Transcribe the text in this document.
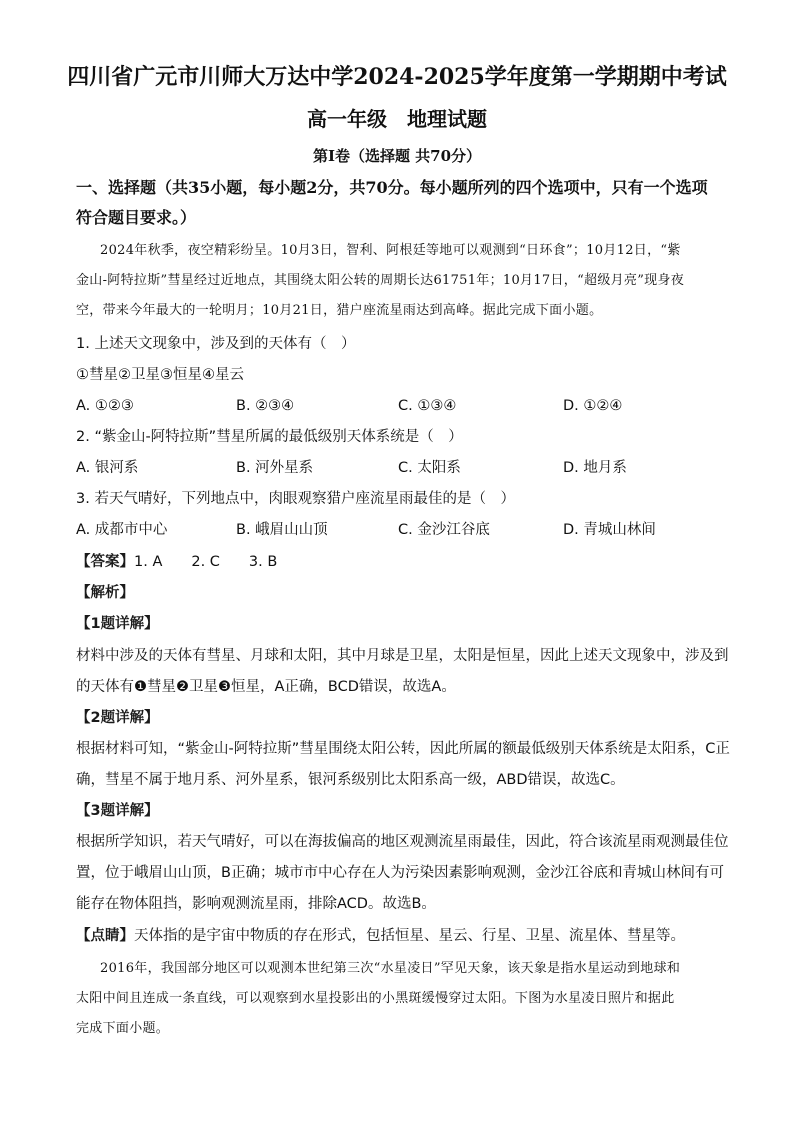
四川省广元市川师大万达中学2024-2025学年度第一学期期中考试
高一年级　地理试题
第Ⅰ卷（选择题 共70分）
一、选择题（共35小题，每小题2分，共70分。每小题所列的四个选项中，只有一个选项
符合题目要求。）
2024年秋季，夜空精彩纷呈。10月3日，智利、阿根廷等地可以观测到“日环食”；10月12日，“紫
金山-阿特拉斯”彗星经过近地点，其围绕太阳公转的周期长达61751年；10月17日，“超级月亮”现身夜
空，带来今年最大的一轮明月；10月21日，猎户座流星雨达到高峰。据此完成下面小题。
1. 上述天文现象中，涉及到的天体有（　）
①彗星②卫星③恒星④星云
A. ①②③	B. ②③④	C. ①③④	D. ①②④
2. “紫金山-阿特拉斯”彗星所属的最低级别天体系统是（　）
A. 银河系	B. 河外星系	C. 太阳系	D. 地月系
3. 若天气晴好，下列地点中，肉眼观察猎户座流星雨最佳的是（　）
A. 成都市中心	B. 峨眉山山顶	C. 金沙江谷底	D. 青城山林间
【答案】1. A　　2. C　　3. B
【解析】
【1题详解】
材料中涉及的天体有彗星、月球和太阳，其中月球是卫星，太阳是恒星，因此上述天文现象中，涉及到
的天体有❶彗星❷卫星❸恒星，A正确，BCD错误，故选A。
【2题详解】
根据材料可知，“紫金山-阿特拉斯”彗星围绕太阳公转，因此所属的额最低级别天体系统是太阳系，C正
确，彗星不属于地月系、河外星系，银河系级别比太阳系高一级，ABD错误，故选C。
【3题详解】
根据所学知识，若天气晴好，可以在海拔偏高的地区观测流星雨最佳，因此，符合该流星雨观测最佳位
置，位于峨眉山山顶，B正确；城市市中心存在人为污染因素影响观测，金沙江谷底和青城山林间有可
能存在物体阻挡，影响观测流星雨，排除ACD。故选B。
【点睛】天体指的是宇宙中物质的存在形式，包括恒星、星云、行星、卫星、流星体、彗星等。
2016年，我国部分地区可以观测本世纪第三次“水星凌日”罕见天象，该天象是指水星运动到地球和
太阳中间且连成一条直线，可以观察到水星投影出的小黑斑缓慢穿过太阳。下图为水星凌日照片和据此
完成下面小题。
